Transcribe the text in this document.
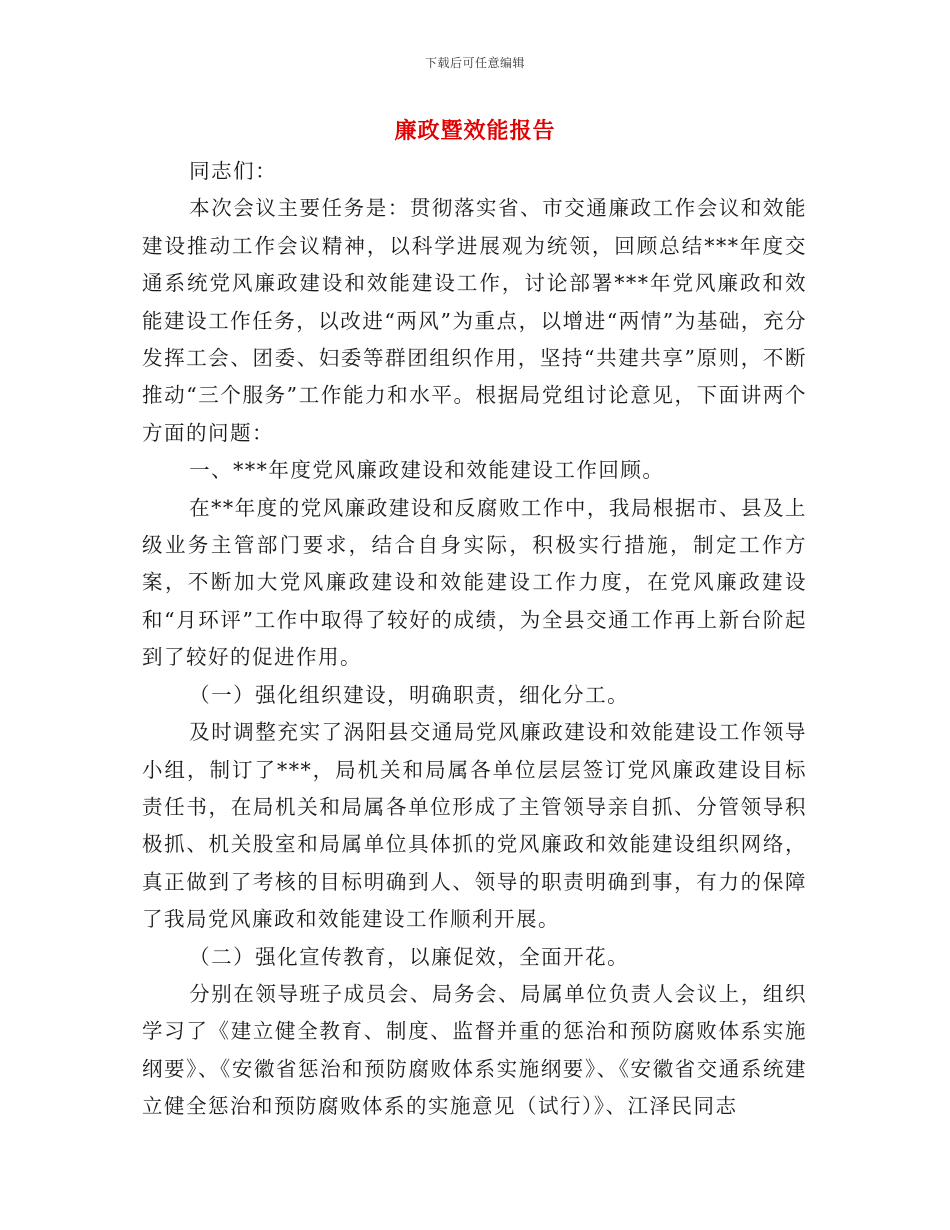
下载后可任意编辑
廉政暨效能报告

同志们：

本次会议主要任务是：贯彻落实省、市交通廉政工作会议和效能建设推动工作会议精神，以科学进展观为统领，回顾总结***年度交通系统党风廉政建设和效能建设工作，讨论部署***年党风廉政和效能建设工作任务，以改进“两风”为重点，以增进“两情”为基础，充分发挥工会、团委、妇委等群团组织作用，坚持“共建共享”原则，不断推动“三个服务”工作能力和水平。根据局党组讨论意见，下面讲两个方面的问题：

一、***年度党风廉政建设和效能建设工作回顾。

在**年度的党风廉政建设和反腐败工作中，我局根据市、县及上级业务主管部门要求，结合自身实际，积极实行措施，制定工作方案，不断加大党风廉政建设和效能建设工作力度，在党风廉政建设和“月环评”工作中取得了较好的成绩，为全县交通工作再上新台阶起到了较好的促进作用。

（一）强化组织建设，明确职责，细化分工。

及时调整充实了涡阳县交通局党风廉政建设和效能建设工作领导小组，制订了***，局机关和局属各单位层层签订党风廉政建设目标责任书，在局机关和局属各单位形成了主管领导亲自抓、分管领导积极抓、机关股室和局属单位具体抓的党风廉政和效能建设组织网络，真正做到了考核的目标明确到人、领导的职责明确到事，有力的保障了我局党风廉政和效能建设工作顺利开展。

（二）强化宣传教育，以廉促效，全面开花。

分别在领导班子成员会、局务会、局属单位负责人会议上，组织学习了《建立健全教育、制度、监督并重的惩治和预防腐败体系实施纲要》、《安徽省惩治和预防腐败体系实施纲要》、《安徽省交通系统建立健全惩治和预防腐败体系的实施意见（试行）》、江泽民同志
